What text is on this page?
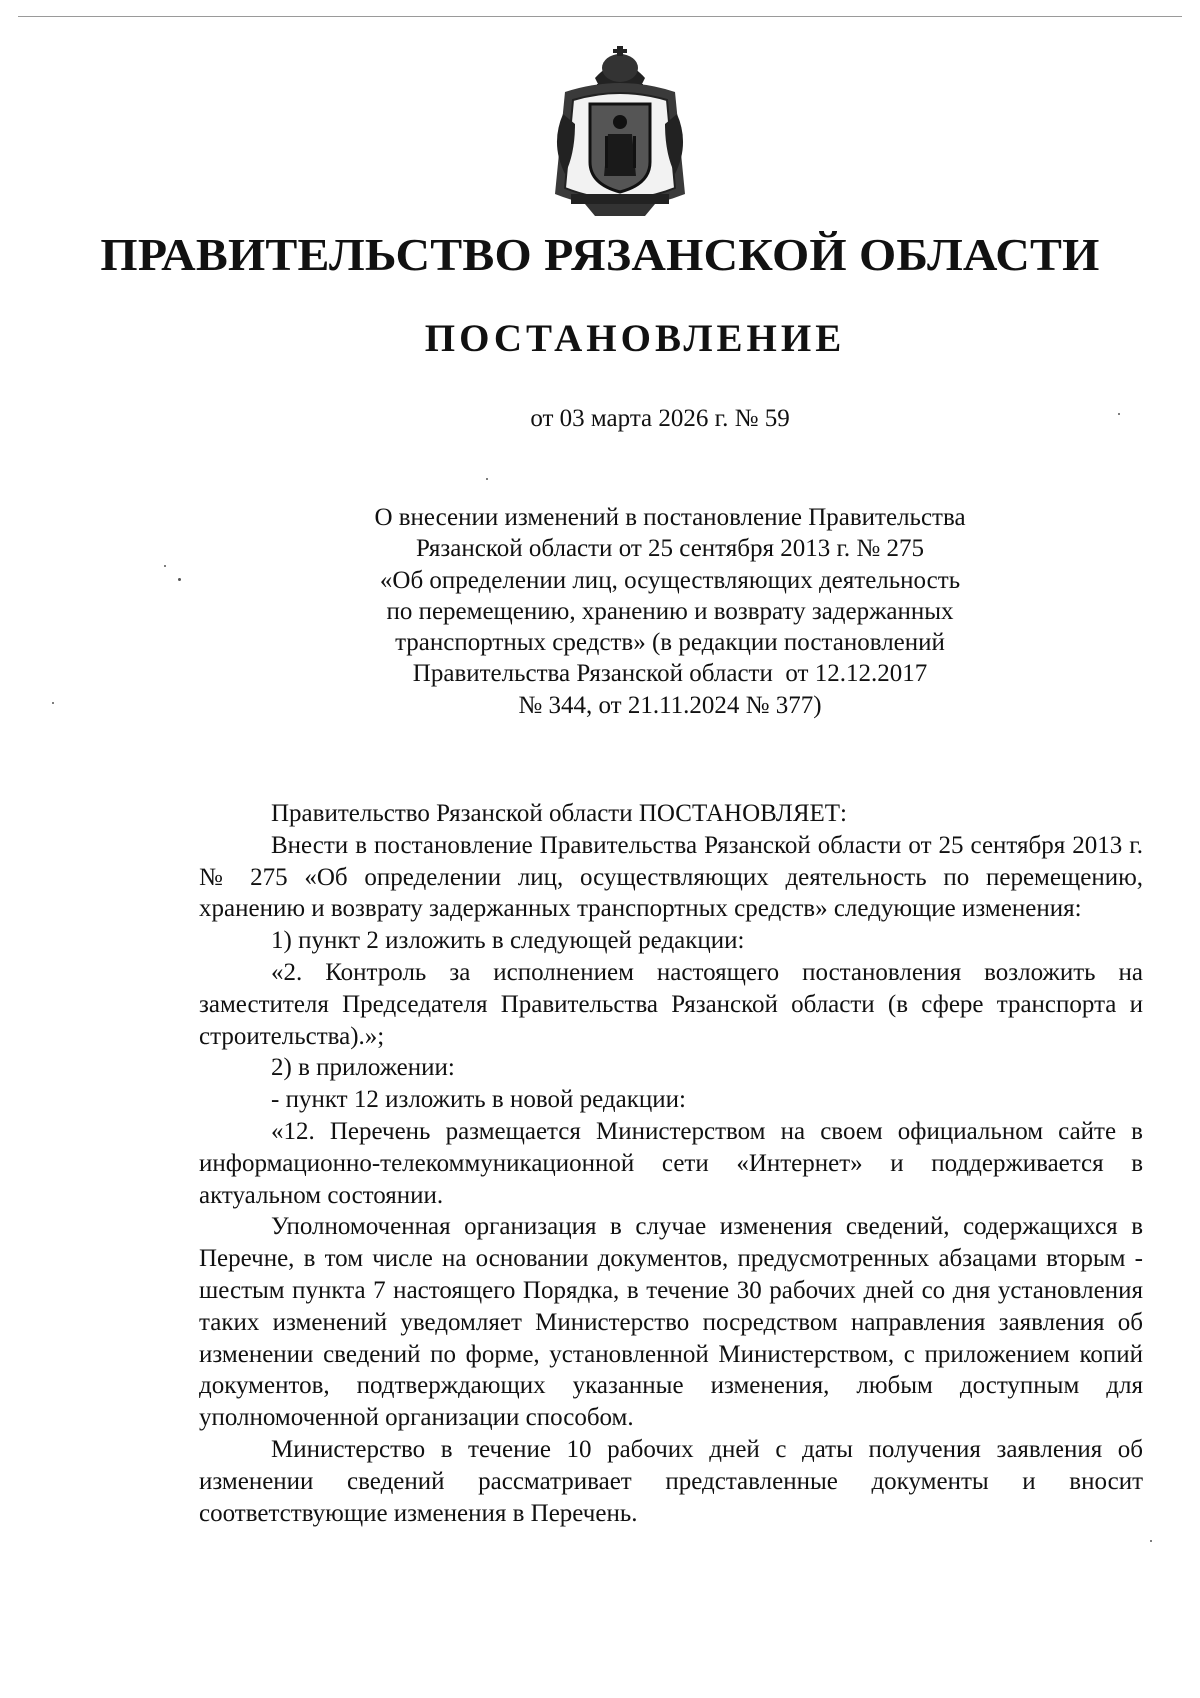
ПРАВИТЕЛЬСТВО РЯЗАНСКОЙ ОБЛАСТИ
ПОСТАНОВЛЕНИЕ
от 03 марта 2026 г. № 59
О внесении изменений в постановление Правительства
Рязанской области от 25 сентября 2013 г. № 275
«Об определении лиц, осуществляющих деятельность
по перемещению, хранению и возврату задержанных
транспортных средств» (в редакции постановлений
Правительства Рязанской области  от 12.12.2017
№ 344, от 21.11.2024 № 377)

Правительство Рязанской области ПОСТАНОВЛЯЕТ:

Внести в постановление Правительства Рязанской области от 25 сентября 2013 г. № 275 «Об определении лиц, осуществляющих деятельность по перемещению, хранению и возврату задержанных транспортных средств» следующие изменения:

1) пункт 2 изложить в следующей редакции:

«2. Контроль за исполнением настоящего постановления возложить на заместителя Председателя Правительства Рязанской области (в сфере транспорта и строительства).»;

2) в приложении:

- пункт 12 изложить в новой редакции:

«12. Перечень размещается Министерством на своем официальном сайте в информационно-телекоммуникационной сети «Интернет» и поддерживается в актуальном состоянии.

Уполномоченная организация в случае изменения сведений, содержащихся в Перечне, в том числе на основании документов, предусмотренных абзацами вторым - шестым пункта 7 настоящего Порядка, в течение 30 рабочих дней со дня установления таких изменений уведомляет Министерство посредством направления заявления об изменении сведений по форме, установленной Министерством, с приложением копий документов, подтверждающих указанные изменения, любым доступным для уполномоченной организации способом.

Министерство в течение 10 рабочих дней с даты получения заявления об изменении сведений рассматривает представленные документы и вносит соответствующие изменения в Перечень.
